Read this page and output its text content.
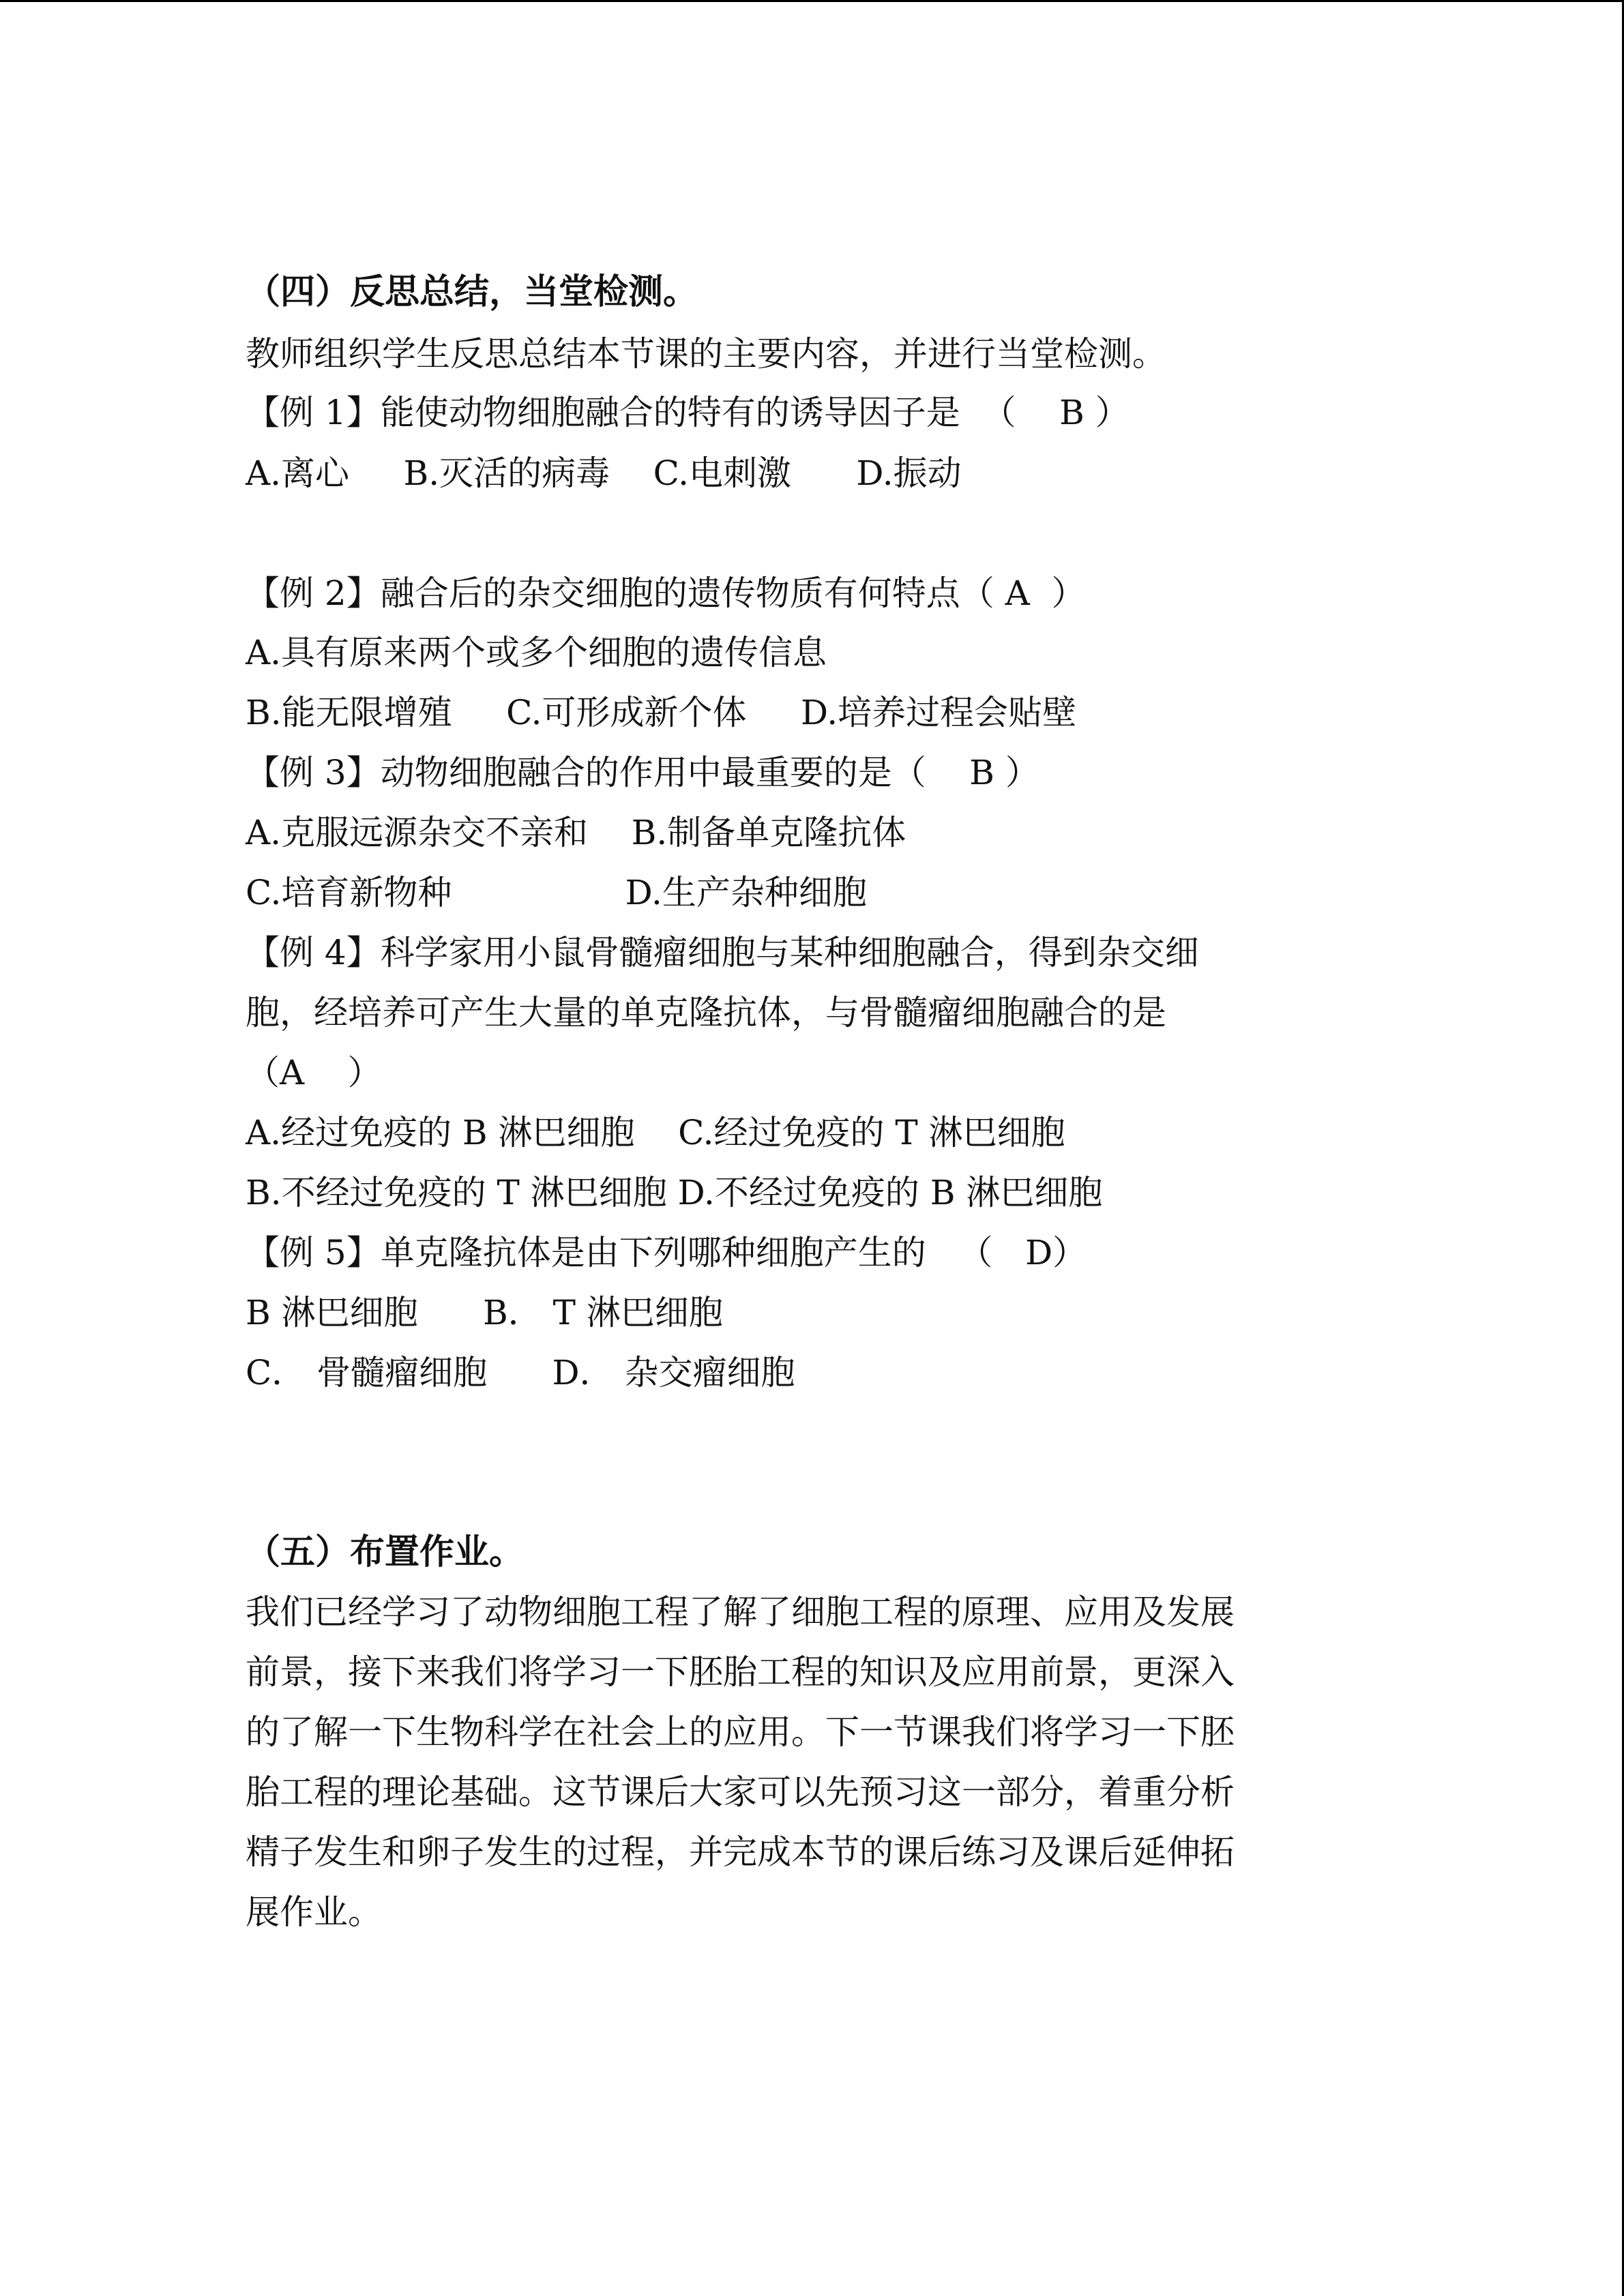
（四）反思总结，当堂检测。
教师组织学生反思总结本节课的主要内容，并进行当堂检测。
【例 1】能使动物细胞融合的特有的诱导因子是  （    B ）
A.离心     B.灭活的病毒    C.电刺激      D.振动
【例 2】融合后的杂交细胞的遗传物质有何特点（ A  ）
A.具有原来两个或多个细胞的遗传信息
B.能无限增殖     C.可形成新个体     D.培养过程会贴壁
【例 3】动物细胞融合的作用中最重要的是（    B ）
A.克服远源杂交不亲和    B.制备单克隆抗体
C.培育新物种                D.生产杂种细胞
【例 4】科学家用小鼠骨髓瘤细胞与某种细胞融合，得到杂交细
胞，经培养可产生大量的单克隆抗体，与骨髓瘤细胞融合的是
（A    ）
A.经过免疫的 B 淋巴细胞    C.经过免疫的 T 淋巴细胞
B.不经过免疫的 T 淋巴细胞 D.不经过免疫的 B 淋巴细胞
【例 5】单克隆抗体是由下列哪种细胞产生的   （   D）
B 淋巴细胞      B． T 淋巴细胞
C． 骨髓瘤细胞      D． 杂交瘤细胞
（五）布置作业。
我们已经学习了动物细胞工程了解了细胞工程的原理、应用及发展
前景，接下来我们将学习一下胚胎工程的知识及应用前景，更深入
的了解一下生物科学在社会上的应用。下一节课我们将学习一下胚
胎工程的理论基础。这节课后大家可以先预习这一部分，着重分析
精子发生和卵子发生的过程，并完成本节的课后练习及课后延伸拓
展作业。
